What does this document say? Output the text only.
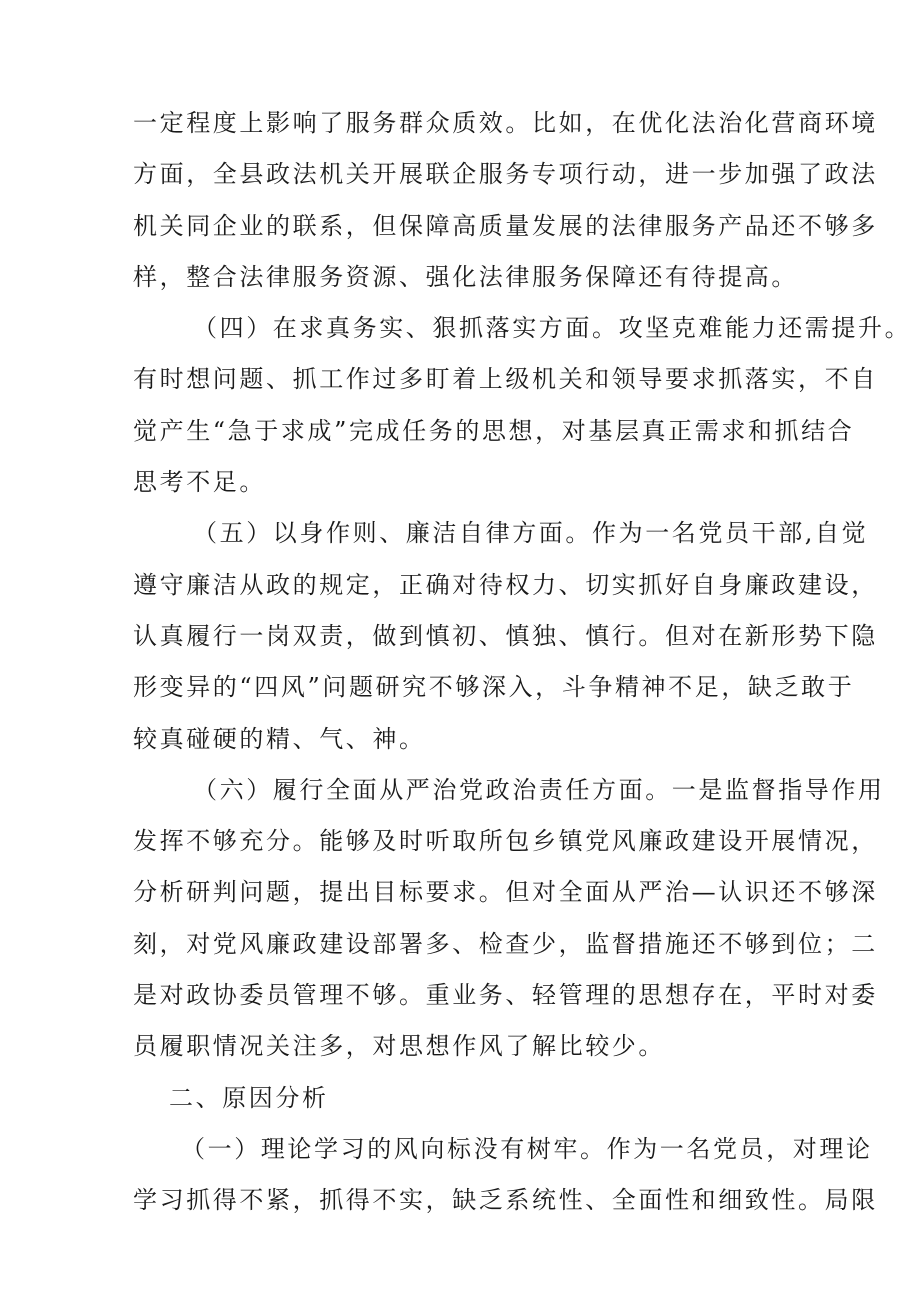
一定程度上影响了服务群众质效。比如，在优化法治化营商环境
方面，全县政法机关开展联企服务专项行动，进一步加强了政法
机关同企业的联系，但保障高质量发展的法律服务产品还不够多
样，整合法律服务资源、强化法律服务保障还有待提高。
（四）在求真务实、狠抓落实方面。攻坚克难能力还需提升。
有时想问题、抓工作过多盯着上级机关和领导要求抓落实，不自
觉产生“急于求成”完成任务的思想，对基层真正需求和抓结合
思考不足。
（五）以身作则、廉洁自律方面。作为一名党员干部,自觉
遵守廉洁从政的规定，正确对待权力、切实抓好自身廉政建设，
认真履行一岗双责，做到慎初、慎独、慎行。但对在新形势下隐
形变异的“四风”问题研究不够深入，斗争精神不足，缺乏敢于
较真碰硬的精、气、神。
（六）履行全面从严治党政治责任方面。一是监督指导作用
发挥不够充分。能够及时听取所包乡镇党风廉政建设开展情况，
分析研判问题，提出目标要求。但对全面从严治—认识还不够深
刻，对党风廉政建设部署多、检查少，监督措施还不够到位；二
是对政协委员管理不够。重业务、轻管理的思想存在，平时对委
员履职情况关注多，对思想作风了解比较少。
二、原因分析
（一）理论学习的风向标没有树牢。作为一名党员，对理论
学习抓得不紧，抓得不实，缺乏系统性、全面性和细致性。局限
